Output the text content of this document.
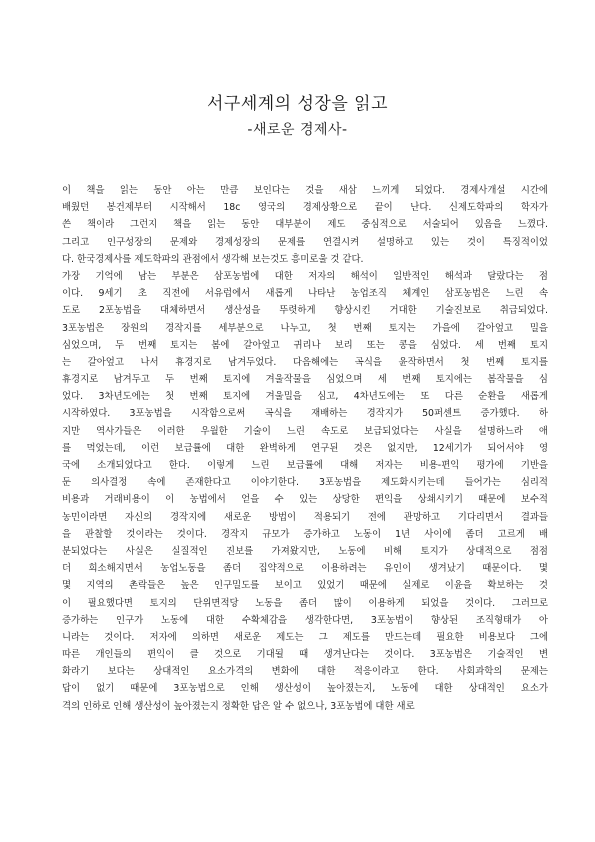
서구세계의 성장을 읽고
-새로운 경제사-
이 책을 읽는 동안 아는 만큼 보인다는 것을 새삼 느끼게 되었다. 경제사개설 시간에
배웠던 봉건제부터 시작해서 18c 영국의 경제상황으로 끝이 난다. 신제도학파의 학자가
쓴 책이라 그런지 책을 읽는 동안 대부분이 제도 중심적으로 서술되어 있음을 느꼈다.
그리고 인구성장의 문제와 경제성장의 문제를 연결시켜 설명하고 있는 것이 특징적이었
다. 한국경제사를 제도학파의 관점에서 생각해 보는것도 흥미로울 것 같다.
가장 기억에 남는 부분은 삼포농법에 대한 저자의 해석이 일반적인 해석과 달랐다는 점
이다. 9세기 초 직전에 서유럽에서 새롭게 나타난 농업조직 체계인 삼포농법은 느린 속
도로 2포농법을 대체하면서 생산성을 뚜렷하게 향상시킨 거대한 기술진보로 취급되었다.
3포농법은 장원의 경작지를 세부분으로 나누고, 첫 번째 토지는 가을에 갈아엎고 밀을
심었으며, 두 번째 토지는 봄에 갈아엎고 귀리나 보리 또는 콩을 심었다. 세 번째 토지
는 갈아엎고 나서 휴경지로 남겨두었다. 다음해에는 곡식을 윤작하면서 첫 번째 토지를
휴경지로 남겨두고 두 번째 토지에 겨울작물을 심었으며 세 번째 토지에는 봄작물을 심
었다. 3차년도에는 첫 번째 토지에 겨울밀을 심고, 4차년도에는 또 다른 순환을 새롭게
시작하였다. 3포농법을 시작함으로써 곡식을 재배하는 경작지가 50퍼센트 증가했다. 하
지만 역사가들은 이러한 우월한 기술이 느린 속도로 보급되었다는 사실을 설명하느라 애
를 먹었는데, 이런 보급률에 대한 완벽하게 연구된 것은 없지만, 12세기가 되어서야 영
국에 소개되었다고 한다. 이렇게 느린 보급률에 대해 저자는 비용-편익 평가에 기반을
둔 의사결정 속에 존재한다고 이야기한다. 3포농법을 제도화시키는데 들어가는 심리적
비용과 거래비용이 이 농법에서 얻을 수 있는 상당한 편익을 상쇄시키기 때문에 보수적
농민이라면 자신의 경작지에 새로운 방법이 적용되기 전에 관망하고 기다리면서 결과들
을 관찰할 것이라는 것이다. 경작지 규모가 증가하고 노동이 1년 사이에 좀더 고르게 배
분되었다는 사실은 실질적인 진보를 가져왔지만, 노동에 비해 토지가 상대적으로 점점
더 희소해지면서 농업노동을 좀더 집약적으로 이용하려는 유인이 생겨났기 때문이다. 몇
몇 지역의 촌락들은 높은 인구밀도를 보이고 있었기 때문에 실제로 이윤을 확보하는 것
이 필요했다면 토지의 단위면적당 노동을 좀더 많이 이용하게 되었을 것이다. 그러므로
증가하는 인구가 노동에 대한 수확체감을 생각한다면, 3포농법이 향상된 조직형태가 아
니라는 것이다. 저자에 의하면 새로운 제도는 그 제도를 만드는데 필요한 비용보다 그에
따른 개인들의 편익이 클 것으로 기대될 때 생겨난다는 것이다. 3포농법은 기술적인 변
화라기 보다는 상대적인 요소가격의 변화에 대한 적응이라고 한다. 사회과학의 문제는
답이 없기 때문에 3포농법으로 인해 생산성이 높아졌는지, 노동에 대한 상대적인 요소가
격의 인하로 인해 생산성이 높아졌는지 정확한 답은 알 수 없으나, 3포농법에 대한 새로
